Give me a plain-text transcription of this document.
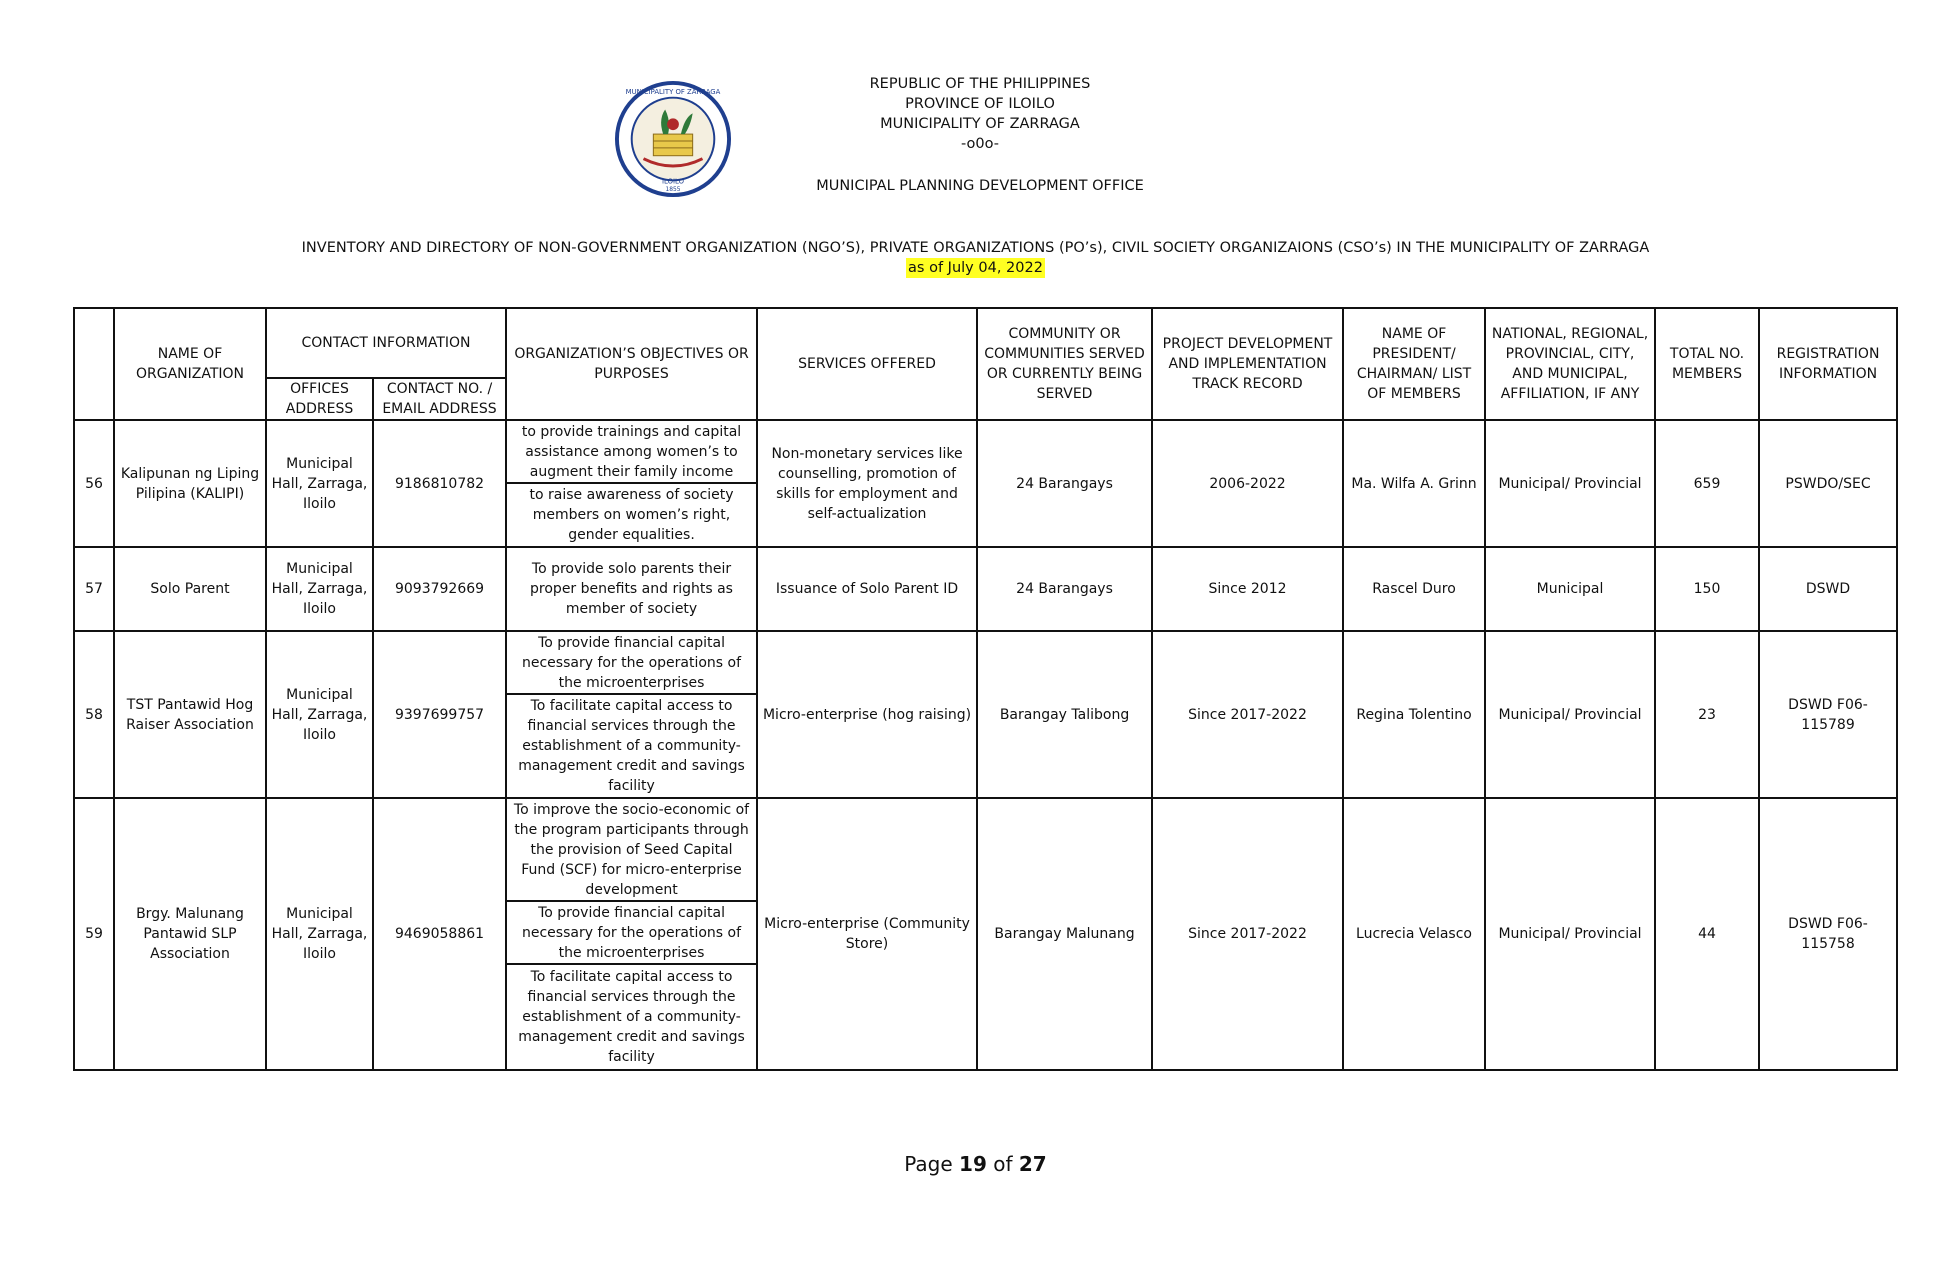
MUNICIPALITY OF ZARRAGA
ILOILO
1855
REPUBLIC OF THE PHILIPPINES
PROVINCE OF ILOILO
MUNICIPALITY OF ZARRAGA
-o0o-
MUNICIPAL PLANNING DEVELOPMENT OFFICE
INVENTORY AND DIRECTORY OF NON-GOVERNMENT ORGANIZATION (NGO’S), PRIVATE ORGANIZATIONS (PO’s), CIVIL SOCIETY ORGANIZAIONS (CSO’s) IN THE MUNICIPALITY OF ZARRAGA
as of July 04, 2022
	NAME OF ORGANIZATION	CONTACT INFORMATION		ORGANIZATION’S OBJECTIVES OR PURPOSES	SERVICES OFFERED	COMMUNITY OR COMMUNITIES SERVED OR CURRENTLY BEING SERVED	PROJECT DEVELOPMENT AND IMPLEMENTATION TRACK RECORD	NAME OF PRESIDENT/ CHAIRMAN/ LIST OF MEMBERS	NATIONAL, REGIONAL, PROVINCIAL, CITY, AND MUNICIPAL, AFFILIATION, IF ANY	TOTAL NO. MEMBERS	REGISTRATION INFORMATION
		OFFICES ADDRESS	CONTACT NO. / EMAIL ADDRESS								
56	Kalipunan ng Liping Pilipina (KALIPI)	Municipal Hall, Zarraga, Iloilo	9186810782	to provide trainings and capital assistance among women’s to augment their family income
to raise awareness of society members on women’s right, gender equalities.	Non-monetary services like counselling, promotion of skills for employment and self-actualization	24 Barangays	2006-2022	Ma. Wilfa A. Grinn	Municipal/ Provincial	659	PSWDO/SEC
57	Solo Parent	Municipal Hall, Zarraga, Iloilo	9093792669	To provide solo parents their proper benefits and rights as member of society	Issuance of Solo Parent ID	24 Barangays	Since 2012	Rascel Duro	Municipal	150	DSWD
58	TST Pantawid Hog Raiser Association	Municipal Hall, Zarraga, Iloilo	9397699757	To provide financial capital necessary for the operations of the microenterprises
To facilitate capital access to financial services through the establishment of a community-management credit and savings facility	Micro-enterprise (hog raising)	Barangay Talibong	Since 2017-2022	Regina Tolentino	Municipal/ Provincial	23	DSWD F06-115789
59	Brgy. Malunang Pantawid SLP Association	Municipal Hall, Zarraga, Iloilo	9469058861	To improve the socio-economic of the program participants through the provision of Seed Capital Fund (SCF) for micro-enterprise development
To provide financial capital necessary for the operations of the microenterprises
To facilitate capital access to financial services through the establishment of a community-management credit and savings facility	Micro-enterprise (Community Store)	Barangay Malunang	Since 2017-2022	Lucrecia Velasco	Municipal/ Provincial	44	DSWD F06-115758
Page 19 of 27
